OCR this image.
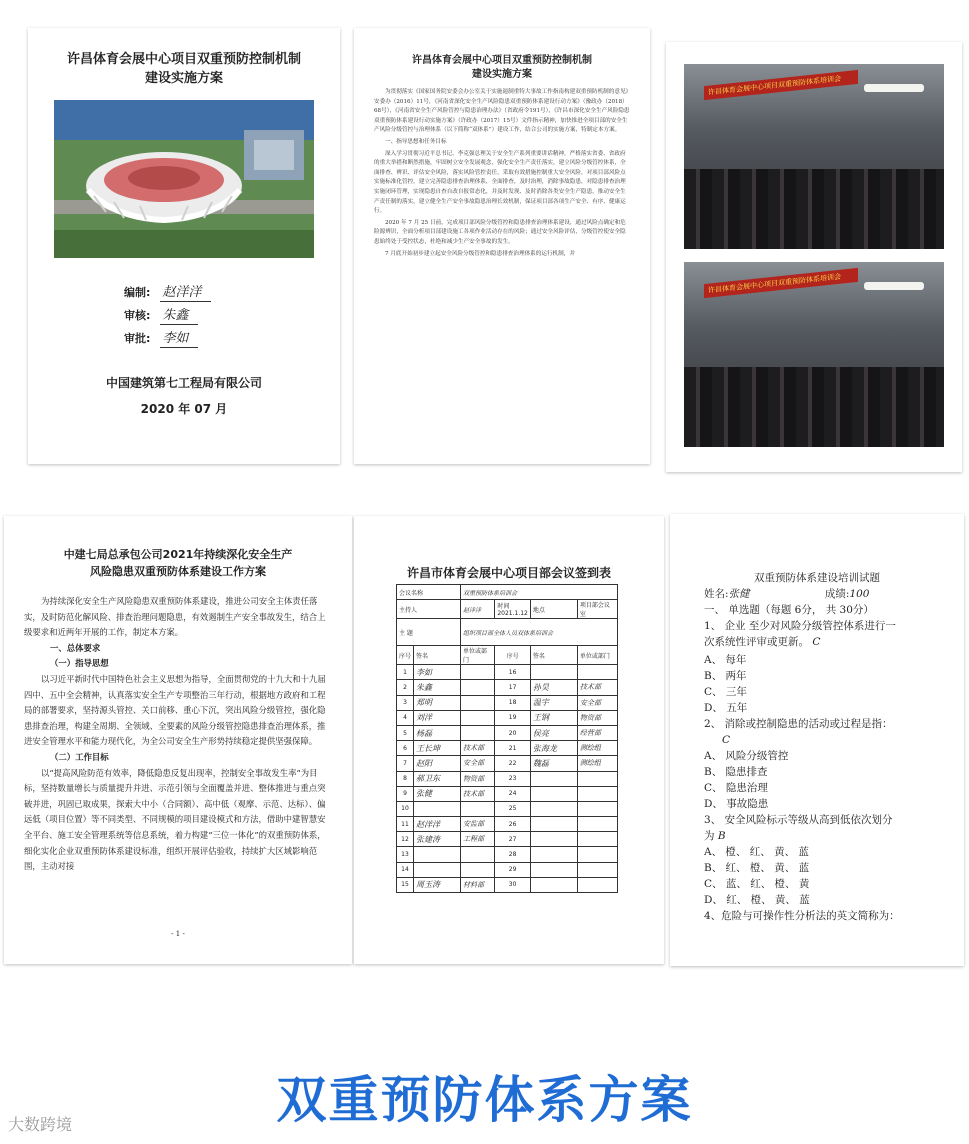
许昌体育会展中心项目双重预防控制机制
建设实施方案
编制: 赵洋洋
审核: 朱鑫
审批: 李如
中国建筑第七工程局有限公司
2020 年 07 月
许昌体育会展中心项目双重预防控制机制
建设实施方案

为贯彻落实《国家国务院安委会办公室关于实施遏制重特大事故工作指南构建双重预防机制的意见》安委办（2016）11号，《河南省深化安全生产风险隐患双重预防体系建设行动方案》（豫政办（2018）68号），《河南省安全生产风险管控与隐患治理办法》（省政府令191号），《许昌市深化安全生产风险隐患双重预防体系建设行动实施方案》（许政办（2017）15号）文件指示精神，加快推进全项目部的安全生产风险分级管控与治理体系（以下简称“双体系”）建设工作，结合公司的实施方案，特制定本方案。

一、指导思想和任务目标

深入学习贯彻习近平总书记、李克强总理关于安全生产系列重要讲话精神，严格落实省委、省政府的重大举措和断然措施，牢固树立安全发展观念，强化安全生产责任落实，建立风险分级管控体系，全面排查、辨识、评估安全风险，落实风险管控责任，采取有效措施控制重大安全风险，对项目部风险点实施标准化管控，建立完善隐患排查治理体系，全面排查，及时治理，消除事故隐患，对隐患排查治理实施闭环管理，实现隐患自查自改自报常态化，并及时发现、及时消除各类安全生产隐患，推动安全生产责任制的落实，建立健全生产安全事故隐患治理长效机制，保证项目部各项生产安全、有序、健康运行。

2020 年 7 月 25 日前，完成项目部风险分级管控和隐患排查治理体系建设，通过风险点确定和危险源辨识，全面分析项目部建设施工各项作业活动存在的风险；通过安全风险评估，分级管控使安全隐患始终处于受控状态，杜绝和减少生产安全事故的发生。

7 月底开始初步建立起安全风险分级管控和隐患排查治理体系的运行机制，并

许昌体育会展中心项目双重预防体系培训会
许昌体育会展中心项目双重预防体系培训会
中建七局总承包公司2021年持续深化安全生产
风险隐患双重预防体系建设工作方案

为持续深化安全生产风险隐患双重预防体系建设，推进公司安全主体责任落实，及时防范化解风险、排查治理问题隐患，有效遏制生产安全事故发生，结合上级要求和近两年开展的工作，制定本方案。

一、总体要求

（一）指导思想

以习近平新时代中国特色社会主义思想为指导，全面贯彻党的十九大和十九届四中、五中全会精神，认真落实安全生产专项整治三年行动，根据地方政府和工程局的部署要求，坚持源头管控、关口前移、重心下沉，突出风险分级管控，强化隐患排查治理，构建全周期、全领域、全要素的风险分级管控隐患排查治理体系，推进安全管理水平和能力现代化，为全公司安全生产形势持续稳定提供坚强保障。

（二）工作目标

以“提高风险防范有效率，降低隐患反复出现率，控制安全事故发生率”为目标，坚持数量增长与质量提升并进、示范引领与全面覆盖并进、整体推进与重点突破并进，巩固已取成果，探索大中小（合同额）、高中低（观摩、示范、达标）、偏远低（项目位置）等不同类型、不同规模的项目建设模式和方法，借助中建智慧安全平台、施工安全管理系统等信息系统，着力构建“三位一体化”的双重预防体系，细化实化企业双重预防体系建设标准，组织开展评估验收，持续扩大区域影响范围，主动对接

- 1 -
许昌市体育会展中心项目部会议签到表
会议名称		双重预防体系培训会			
主持人		赵洋洋	时间 2021.1.12	地点	项目部会议室
主 题		组织项目部全体人员双体系培训会			
序号	签名	单位或部门	序号	签名	单位或部门
1	李如		16		
2	朱鑫		17	孙昊	技术部
3	郑明		18	温宇	安全部
4	刘洋		19	王钢	物资部
5	杨磊		20	侯亮	经营部
6	王长坤	技术部	21	张海龙	测绘组
7	赵阳	安全部	22	魏磊	测绘组
8	郝卫东	物资部	23		
9	张健	技术部	24		
10			25		
11	赵洋洋	安监部	26		
12	张建涛	工程部	27		
13			28		
14			29		
15	周玉涛	材料部	30		
双重预防体系建设培训试题
姓名:张健	成绩:100
一、 单选题（每题 6分， 共 30分）
1、 企业 至少对风险分级管控体系进行一
次系统性评审或更新。 C
A、 每年
B、 两年
C、 三年
D、 五年
2、 消除或控制隐患的活动或过程是指：
C
A、 风险分级管控
B、 隐患排查
C、 隐患治理
D、 事故隐患
3、 安全风险标示等级从高到低依次划分
为 B
A、 橙、 红、 黄、 蓝
B、 红、 橙、 黄、 蓝
C、 蓝、 红、 橙、 黄
D、 红、 橙、 黄、 蓝
4、危险与可操作性分析法的英文简称为：
双重预防体系方案
大数跨境
